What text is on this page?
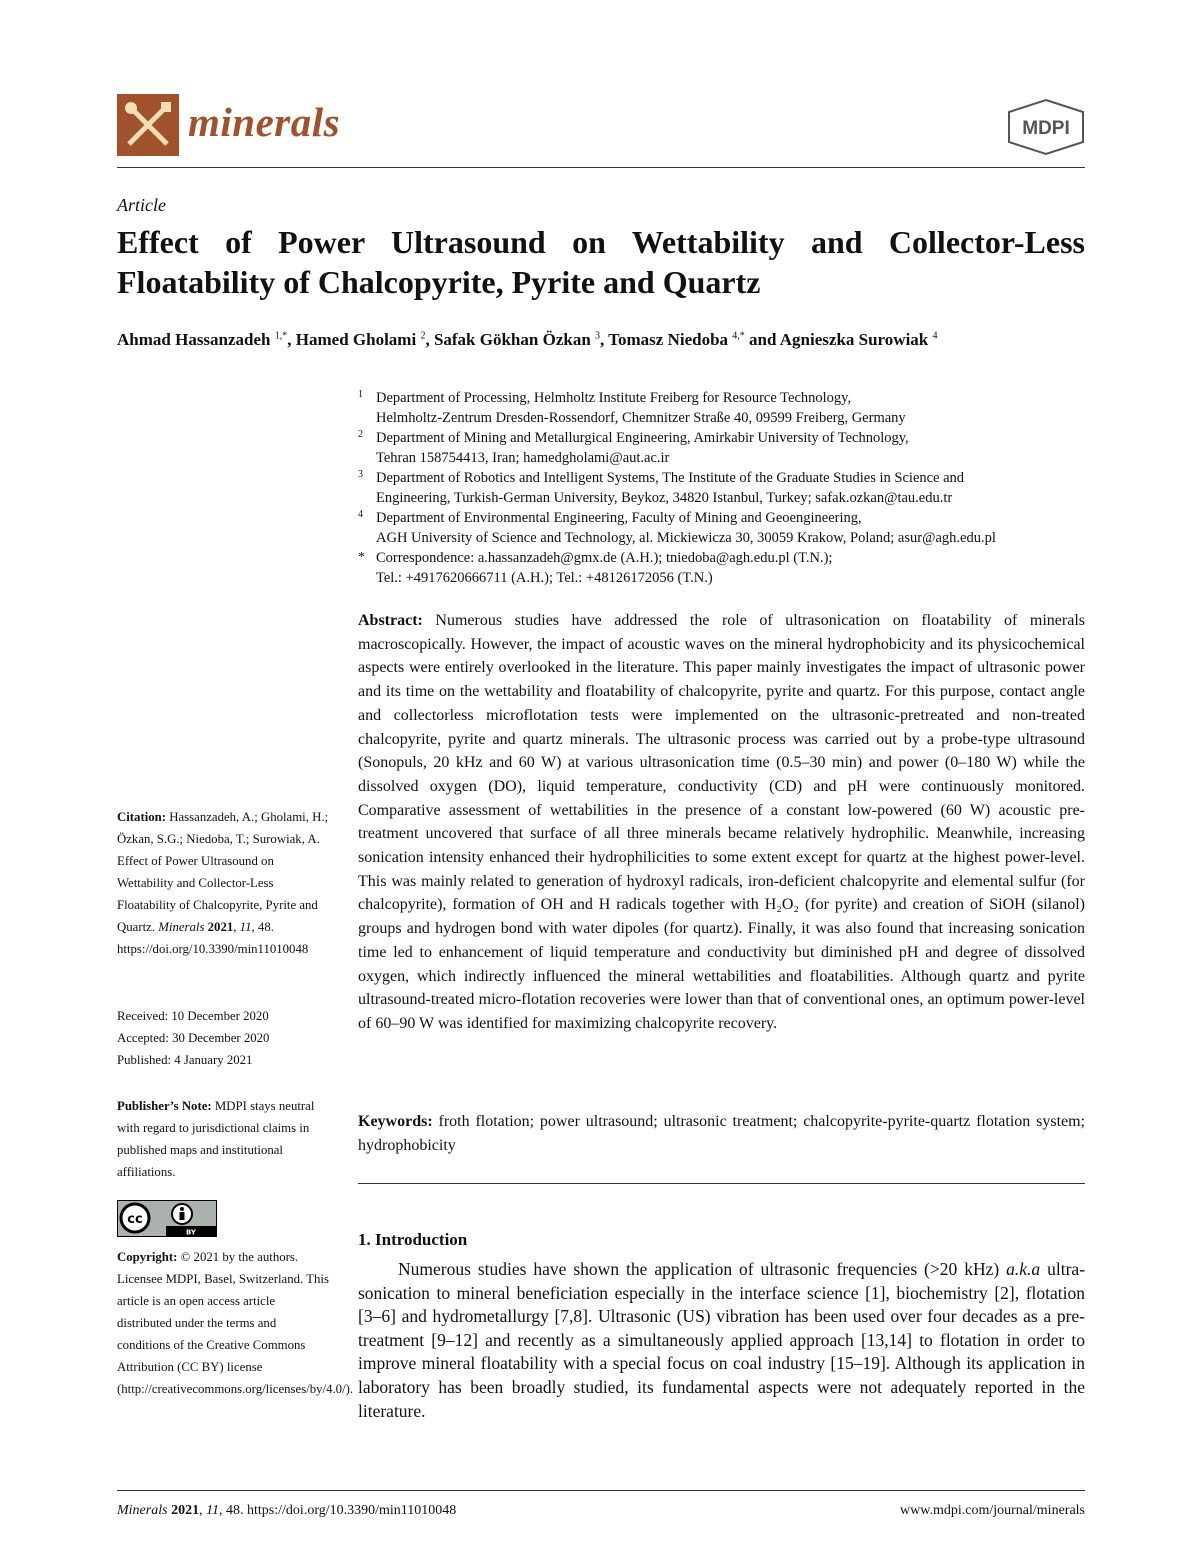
minerals	MDPI
Article
Effect of Power Ultrasound on Wettability and Collector-Less Floatability of Chalcopyrite, Pyrite and Quartz
Ahmad Hassanzadeh $^{1,*}$, Hamed Gholami $^2$, Safak Gökhan Özkan $^3$, Tomasz Niedoba $^{4,*}$ and Agnieszka Surowiak $^4$
1 Department of Processing, Helmholtz Institute Freiberg for Resource Technology,
Helmholtz-Zentrum Dresden-Rossendorf, Chemnitzer Straße 40, 09599 Freiberg, Germany
2 Department of Mining and Metallurgical Engineering, Amirkabir University of Technology,
Tehran 158754413, Iran; hamedgholami@aut.ac.ir
3 Department of Robotics and Intelligent Systems, The Institute of the Graduate Studies in Science and
Engineering, Turkish-German University, Beykoz, 34820 Istanbul, Turkey; safak.ozkan@tau.edu.tr
4 Department of Environmental Engineering, Faculty of Mining and Geoengineering,
AGH University of Science and Technology, al. Mickiewicza 30, 30059 Krakow, Poland; asur@agh.edu.pl
* Correspondence: a.hassanzadeh@gmx.de (A.H.); tniedoba@agh.edu.pl (T.N.);
Tel.: +4917620666711 (A.H.); Tel.: +48126172056 (T.N.)
Abstract: Numerous studies have addressed the role of ultrasonication on floatability of minerals macroscopically. However, the impact of acoustic waves on the mineral hydrophobicity and its physicochemical aspects were entirely overlooked in the literature. This paper mainly investigates the impact of ultrasonic power and its time on the wettability and floatability of chalcopyrite, pyrite and quartz. For this purpose, contact angle and collectorless microflotation tests were implemented on the ultrasonic-pretreated and non-treated chalcopyrite, pyrite and quartz minerals. The ultrasonic process was carried out by a probe-type ultrasound (Sonopuls, 20 kHz and 60 W) at various ultrasonication time (0.5–30 min) and power (0–180 W) while the dissolved oxygen (DO), liquid temperature, conductivity (CD) and pH were continuously monitored. Comparative assessment of wettabilities in the presence of a constant low-powered (60 W) acoustic pre-treatment uncovered that surface of all three minerals became relatively hydrophilic. Meanwhile, increasing sonication intensity enhanced their hydrophilicities to some extent except for quartz at the highest power-level. This was mainly related to generation of hydroxyl radicals, iron-deficient chalcopyrite and elemental sulfur (for chalcopyrite), formation of OH and H radicals together with H₂O₂ (for pyrite) and creation of SiOH (silanol) groups and hydrogen bond with water dipoles (for quartz). Finally, it was also found that increasing sonication time led to enhancement of liquid temperature and conductivity but diminished pH and degree of dissolved oxygen, which indirectly influenced the mineral wettabilities and floatabilities. Although quartz and pyrite ultrasound-treated micro-flotation recoveries were lower than that of conventional ones, an optimum power-level of 60–90 W was identified for maximizing chalcopyrite recovery.
Keywords: froth flotation; power ultrasound; ultrasonic treatment; chalcopyrite-pyrite-quartz flotation system; hydrophobicity
1. Introduction
Numerous studies have shown the application of ultrasonic frequencies (>20 kHz) a.k.a ultra-sonication to mineral beneficiation especially in the interface science [1], biochemistry [2], flotation [3–6] and hydrometallurgy [7,8]. Ultrasonic (US) vibration has been used over four decades as a pre-treatment [9–12] and recently as a simultaneously applied approach [13,14] to flotation in order to improve mineral floatability with a special focus on coal industry [15–19]. Although its application in laboratory has been broadly studied, its fundamental aspects were not adequately reported in the literature.
Citation: Hassanzadeh, A.; Gholami, H.; Özkan, S.G.; Niedoba, T.; Surowiak, A. Effect of Power Ultrasound on Wettability and Collector-Less Floatability of Chalcopyrite, Pyrite and Quartz. Minerals 2021, 11, 48. https://doi.org/10.3390/min11010048
Received: 10 December 2020
Accepted: 30 December 2020
Published: 4 January 2021
Publisher’s Note: MDPI stays neutral with regard to jurisdictional claims in published maps and institutional affiliations.
cc
BY
Copyright: © 2021 by the authors. Licensee MDPI, Basel, Switzerland. This article is an open access article distributed under the terms and conditions of the Creative Commons Attribution (CC BY) license (http://creativecommons.org/licenses/by/4.0/).
Minerals 2021, 11, 48. https://doi.org/10.3390/min11010048	www.mdpi.com/journal/minerals
